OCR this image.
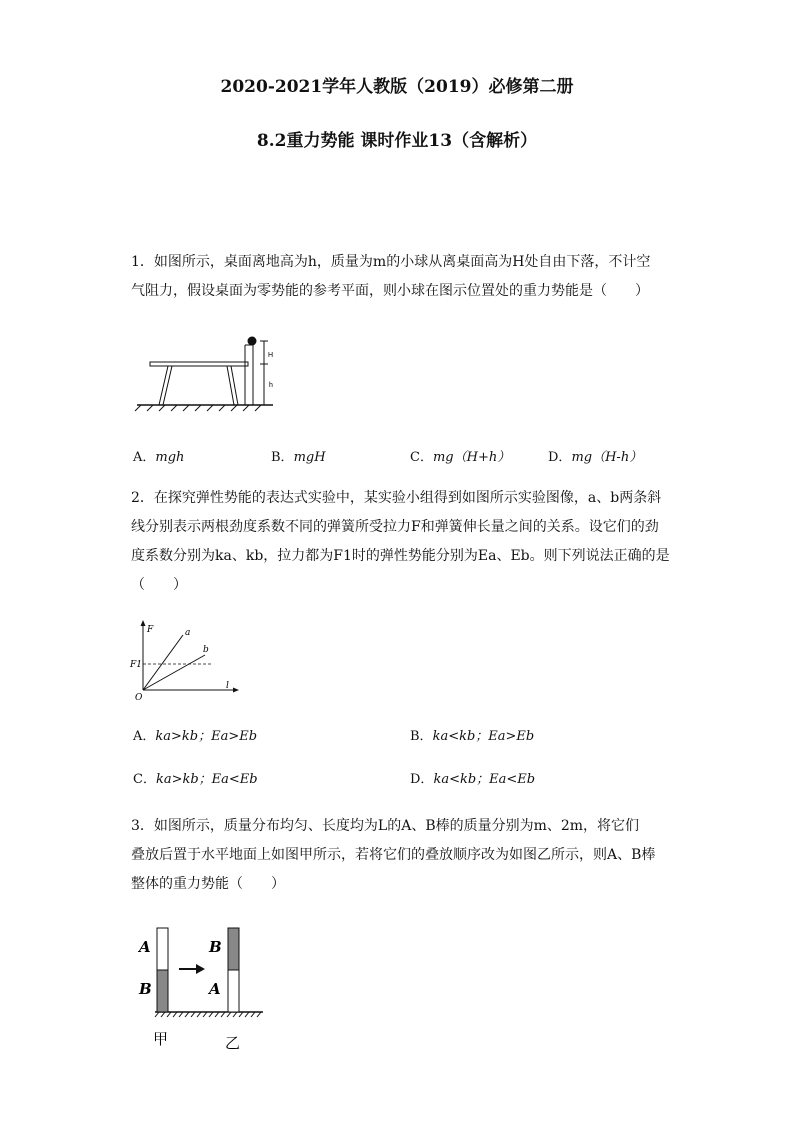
2020-2021学年人教版（2019）必修第二册
8.2重力势能 课时作业13（含解析）
1．如图所示，桌面离地高为h，质量为m的小球从离桌面高为H处自由下落，不计空
气阻力，假设桌面为零势能的参考平面，则小球在图示位置处的重力势能是（　　）
H
h
A．mgh	B．mgH	C．mg（H+h）	D．mg（H-h）
2．在探究弹性势能的表达式实验中，某实验小组得到如图所示实验图像，a、b两条斜
线分别表示两根劲度系数不同的弹簧所受拉力F和弹簧伸长量之间的关系。设它们的劲
度系数分别为ka、kb，拉力都为F1时的弹性势能分别为Ea、Eb。则下列说法正确的是
（　　）
F
l
O
F1
a
b
A．ka>kb；Ea>Eb	B．ka<kb；Ea>Eb
C．ka>kb；Ea<Eb	D．ka<kb；Ea<Eb
3．如图所示，质量分布均匀、长度均为L的A、B棒的质量分别为m、2m，将它们
叠放后置于水平地面上如图甲所示，若将它们的叠放顺序改为如图乙所示，则A、B棒
整体的重力势能（　　）
A
B
B
A
甲	乙
